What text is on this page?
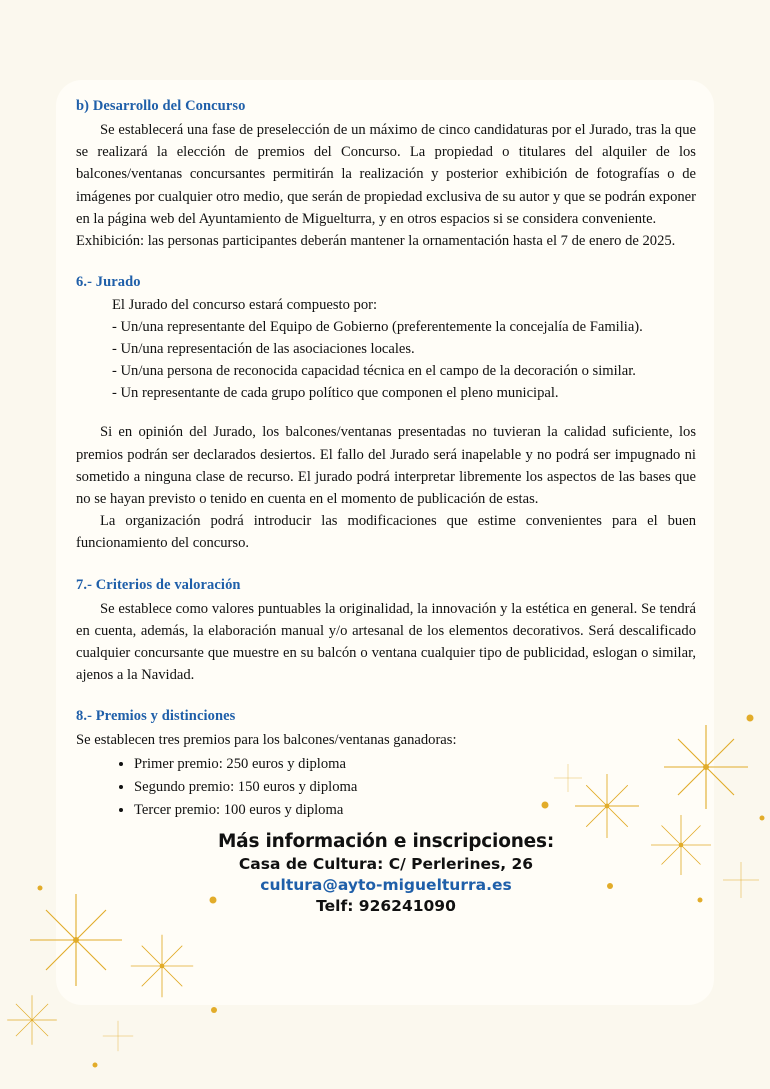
b) Desarrollo del Concurso

Se establecerá una fase de preselección de un máximo de cinco candidaturas por el Jurado, tras la que se realizará la elección de premios del Concurso. La propiedad o titulares del alquiler de los balcones/ventanas concursantes permitirán la realización y posterior exhibición de fotografías o de imágenes por cualquier otro medio, que serán de propiedad exclusiva de su autor y que se podrán exponer en la página web del Ayuntamiento de Miguelturra, y en otros espacios si se considera conveniente.

Exhibición: las personas participantes deberán mantener la ornamentación hasta el 7 de enero de 2025.

6.- Jurado

El Jurado del concurso estará compuesto por:

- Un/una representante del Equipo de Gobierno (preferentemente la concejalía de Familia).

- Un/una representación de las asociaciones locales.

- Un/una persona de reconocida capacidad técnica en el campo de la decoración o similar.

- Un representante de cada grupo político que componen el pleno municipal.

Si en opinión del Jurado, los balcones/ventanas presentadas no tuvieran la calidad suficiente, los premios podrán ser declarados desiertos. El fallo del Jurado será inapelable y no podrá ser impugnado ni sometido a ninguna clase de recurso. El jurado podrá interpretar libremente los aspectos de las bases que no se hayan previsto o tenido en cuenta en el momento de publicación de estas.

La organización podrá introducir las modificaciones que estime convenientes para el buen funcionamiento del concurso.

7.- Criterios de valoración

Se establece como valores puntuables la originalidad, la innovación y la estética en general. Se tendrá en cuenta, además, la elaboración manual y/o artesanal de los elementos decorativos. Será descalificado cualquier concursante que muestre en su balcón o ventana cualquier tipo de publicidad, eslogan o similar, ajenos a la Navidad.

8.- Premios y distinciones

Se establecen tres premios para los balcones/ventanas ganadoras:

• Primer premio: 250 euros y diploma
• Segundo premio: 150 euros y diploma
• Tercer premio: 100 euros y diploma
Más información e inscripciones:
Casa de Cultura: C/ Perlerines, 26
cultura@ayto-miguelturra.es
Telf: 926241090
